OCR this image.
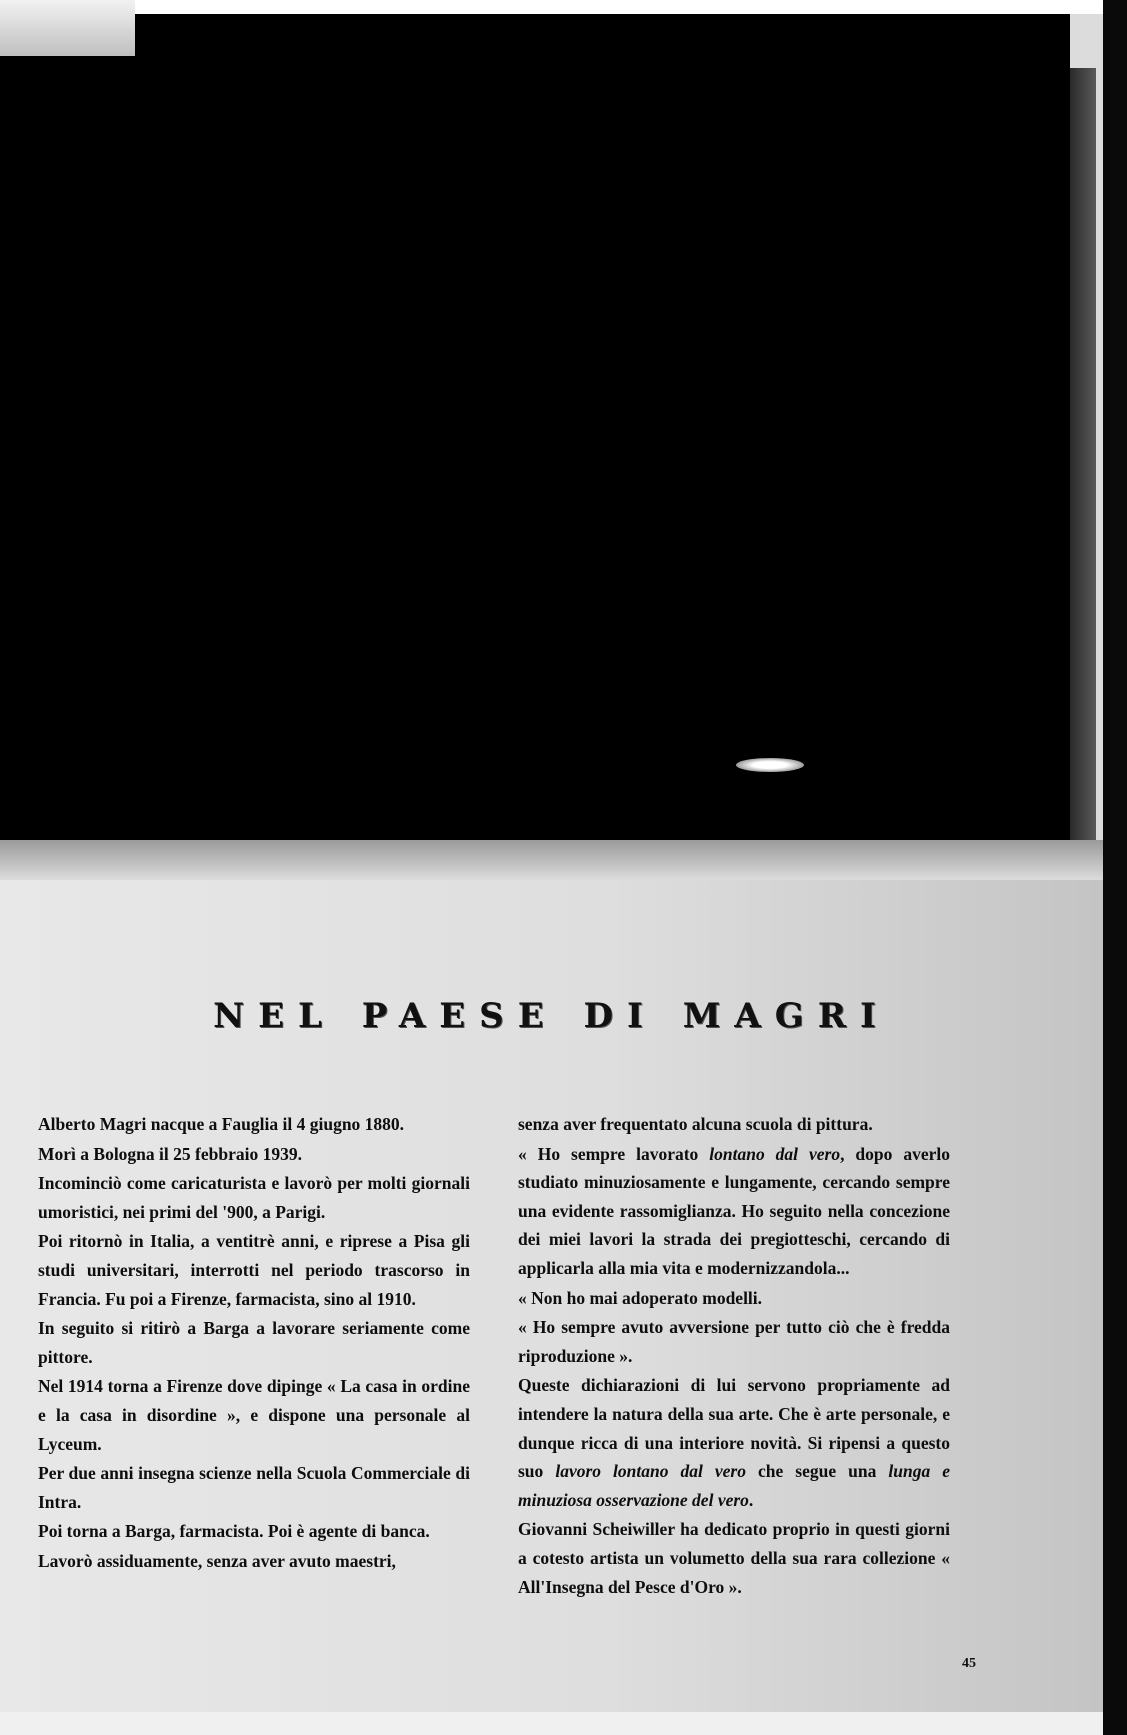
NEL PAESE DI MAGRI

Alberto Magri nacque a Fauglia il 4 giugno 1880.

Morì a Bologna il 25 febbraio 1939.

Incominciò come caricaturista e lavorò per molti giornali umoristici, nei primi del '900, a Parigi.

Poi ritornò in Italia, a ventitrè anni, e riprese a Pisa gli studi universitari, interrotti nel periodo trascorso in Francia. Fu poi a Firenze, farmacista, sino al 1910.

In seguito si ritirò a Barga a lavorare seriamente come pittore.

Nel 1914 torna a Firenze dove dipinge « La casa in ordine e la casa in disordine », e dispone una personale al Lyceum.

Per due anni insegna scienze nella Scuola Commerciale di Intra.

Poi torna a Barga, farmacista. Poi è agente di banca.

Lavorò assiduamente, senza aver avuto maestri,

senza aver frequentato alcuna scuola di pittura.

« Ho sempre lavorato lontano dal vero, dopo averlo studiato minuziosamente e lungamente, cercando sempre una evidente rassomiglianza. Ho seguito nella concezione dei miei lavori la strada dei pregiotteschi, cercando di applicarla alla mia vita e modernizzandola...

« Non ho mai adoperato modelli.

« Ho sempre avuto avversione per tutto ciò che è fredda riproduzione ».

Queste dichiarazioni di lui servono propriamente ad intendere la natura della sua arte. Che è arte personale, e dunque ricca di una interiore novità. Si ripensi a questo suo lavoro lontano dal vero che segue una lunga e minuziosa osservazione del vero.

Giovanni Scheiwiller ha dedicato proprio in questi giorni a cotesto artista un volumetto della sua rara collezione « All'Insegna del Pesce d'Oro ».

45
